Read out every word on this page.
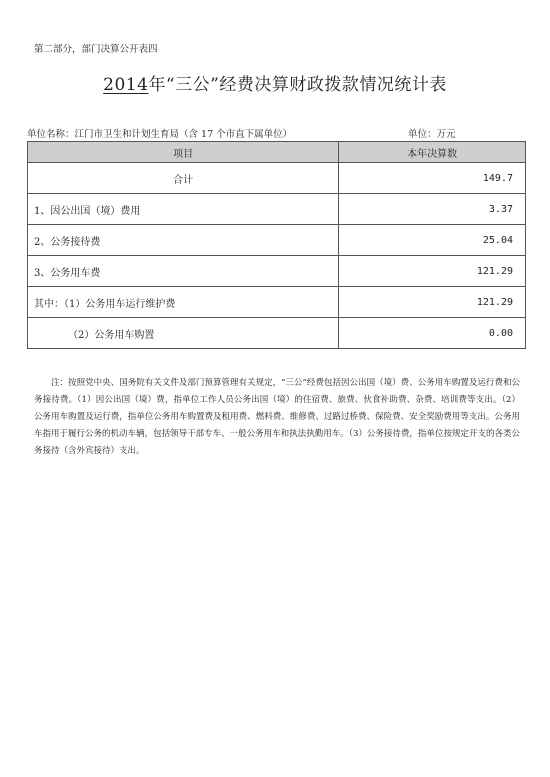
第二部分，部门决算公开表四
2014年“三公”经费决算财政拨款情况统计表
单位名称：江门市卫生和计划生育局（含 17 个市直下属单位）	单位：万元
项目	本年决算数
合计	149.7
1、因公出国（境）费用	3.37
2、公务接待费	25.04
3、公务用车费	121.29
其中：（1）公务用车运行维护费	121.29
（2）公务用车购置	0.00
注：按照党中央、国务院有关文件及部门预算管理有关规定，“三公”经费包括因公出国（境）费、公务用车购置及运行费和公务接待费。（1）因公出国（境）费，指单位工作人员公务出国（境）的住宿费、旅费、伙食补助费、杂费、培训费等支出。（2）公务用车购置及运行费，指单位公务用车购置费及租用费、燃料费、维修费、过路过桥费、保险费、安全奖励费用等支出。公务用车指用于履行公务的机动车辆，包括领导干部专车、一般公务用车和执法执勤用车。（3）公务接待费，指单位按规定开支的各类公务接待（含外宾接待）支出。
